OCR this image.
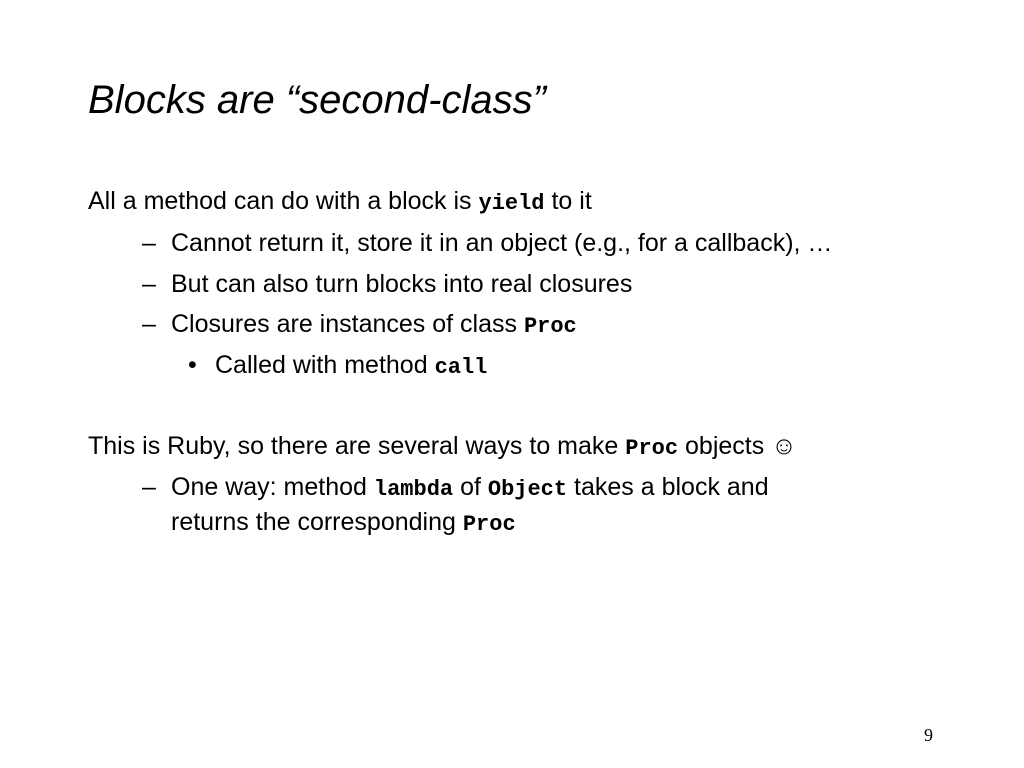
Blocks are “second-class”
All a method can do with a block is yield to it
– Cannot return it, store it in an object (e.g., for a callback), …
– But can also turn blocks into real closures
– Closures are instances of class Proc
• Called with method call
This is Ruby, so there are several ways to make Proc objects ☺
– One way: method lambda of Object takes a block and
returns the corresponding Proc
9
